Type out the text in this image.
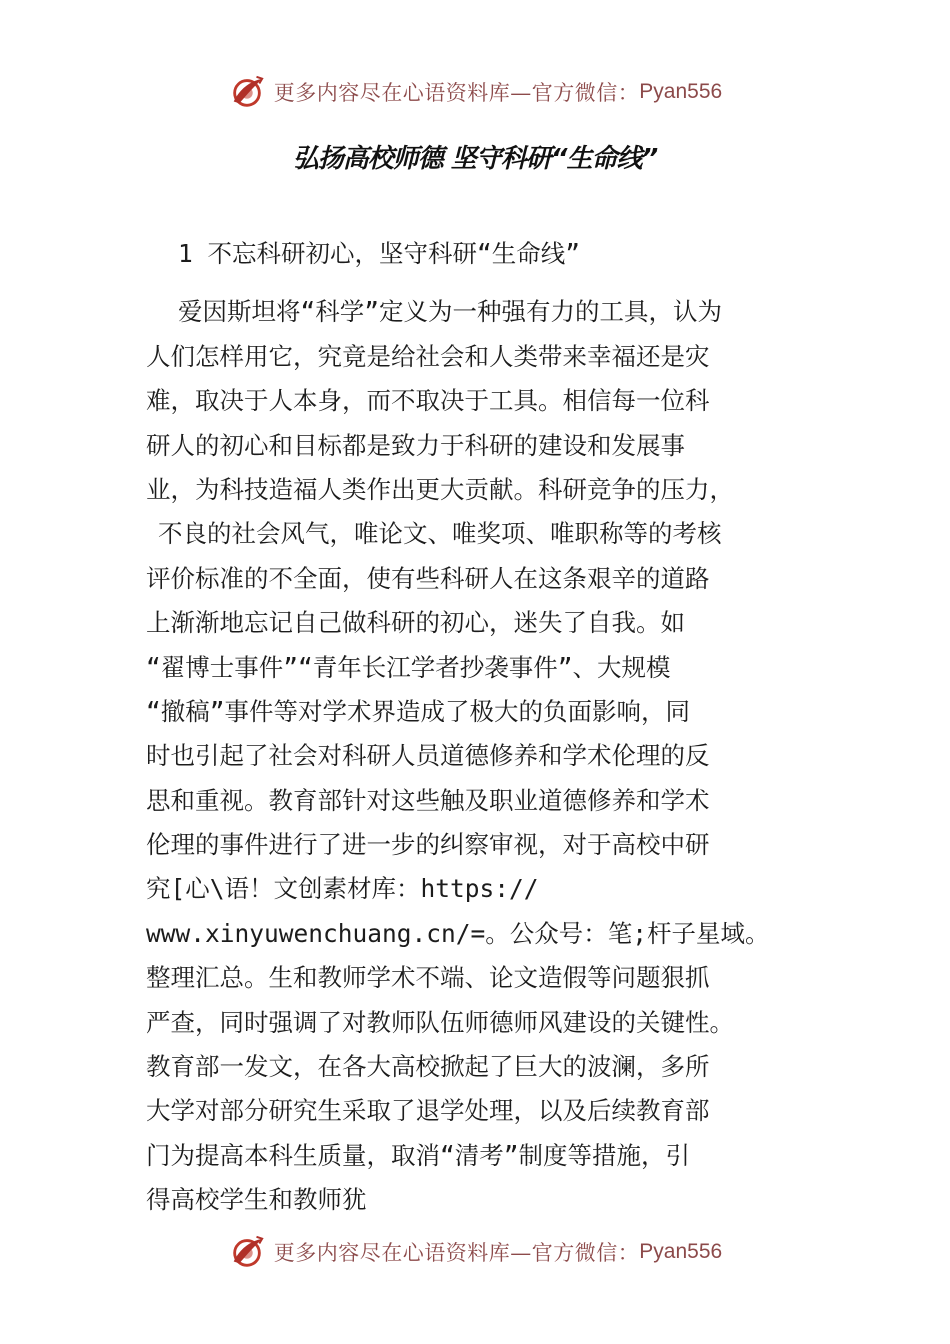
更多内容尽在心语资料库—官方微信： Pyan556
弘扬高校师德 坚守科研“生命线”
1 不忘科研初心，坚守科研“生命线”
爱因斯坦将“科学”定义为一种强有力的工具，认为
人们怎样用它，究竟是给社会和人类带来幸福还是灾
难，取决于人本身，而不取决于工具。相信每一位科
研人的初心和目标都是致力于科研的建设和发展事
业，为科技造福人类作出更大贡献。科研竞争的压力，
不良的社会风气，唯论文、唯奖项、唯职称等的考核
评价标准的不全面，使有些科研人在这条艰辛的道路
上渐渐地忘记自己做科研的初心，迷失了自我。如
“翟博士事件”“青年长江学者抄袭事件”、大规模
“撤稿”事件等对学术界造成了极大的负面影响，同
时也引起了社会对科研人员道德修养和学术伦理的反
思和重视。教育部针对这些触及职业道德修养和学术
伦理的事件进行了进一步的纠察审视，对于高校中研
究[心\语！文创素材库：https://
www.xinyuwenchuang.cn/=。公众号：笔;杆子星域。
整理汇总。生和教师学术不端、论文造假等问题狠抓
严查，同时强调了对教师队伍师德师风建设的关键性。
教育部一发文，在各大高校掀起了巨大的波澜，多所
大学对部分研究生采取了退学处理，以及后续教育部
门为提高本科生质量，取消“清考”制度等措施，引
得高校学生和教师犹
更多内容尽在心语资料库—官方微信： Pyan556
